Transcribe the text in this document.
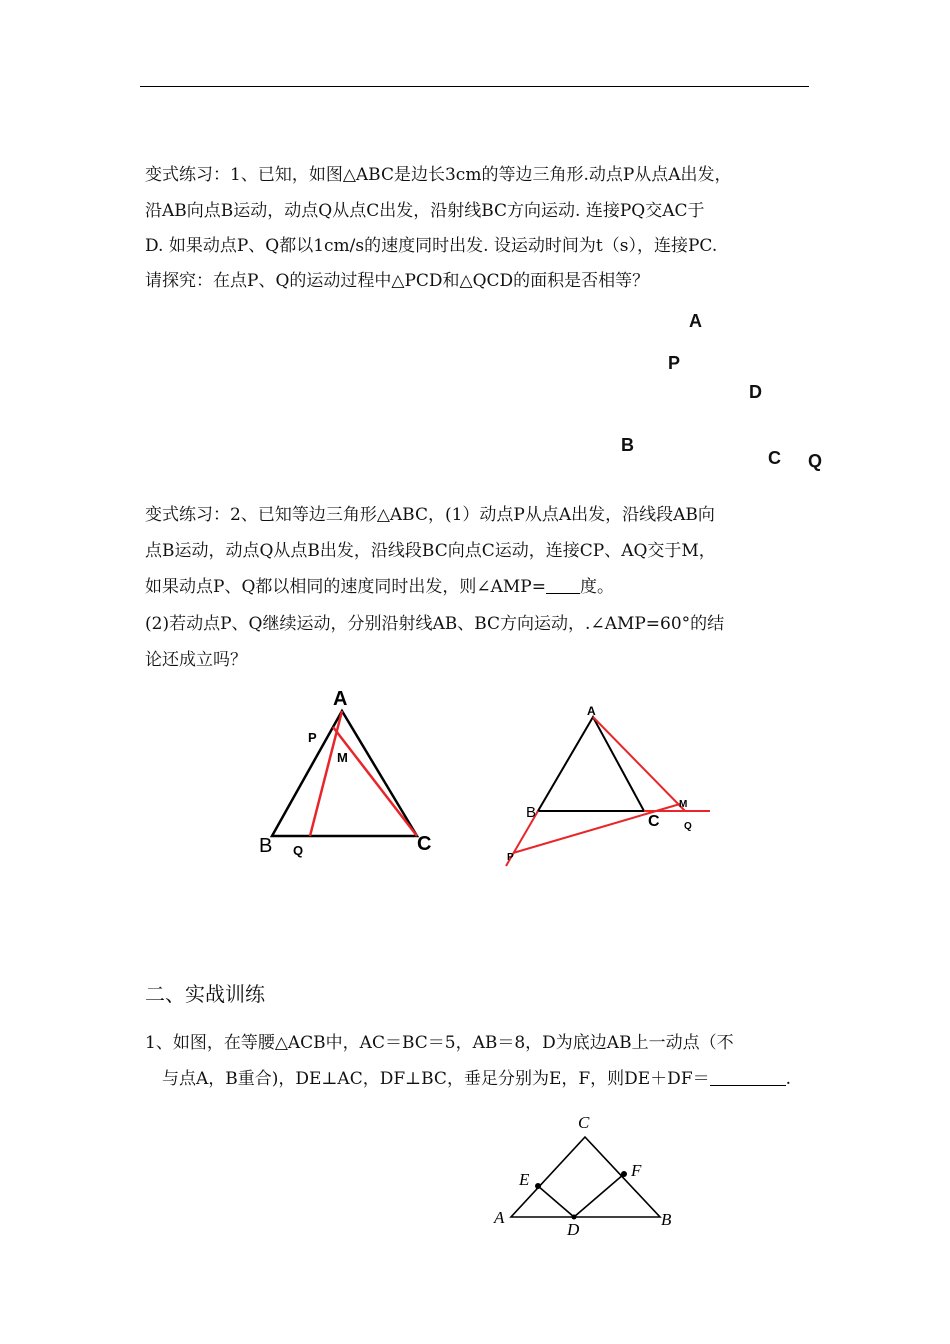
变式练习：1、已知，如图△ABC是边长3cm的等边三角形.动点P从点A出发，
沿AB向点B运动，动点Q从点C出发，沿射线BC方向运动. 连接PQ交AC于
D. 如果动点P、Q都以1cm/s的速度同时出发. 设运动时间为t（s），连接PC.
请探究：在点P、Q的运动过程中△PCD和△QCD的面积是否相等？
A
P
D
B
C Q
变式练习：2、已知等边三角形△ABC，(1）动点P从点A出发，沿线段AB向
点B运动，动点Q从点B出发，沿线段BC向点C运动，连接CP、AQ交于M，
如果动点P、Q都以相同的速度同时出发，则∠AMP= 度。
(2)若动点P、Q继续运动，分别沿射线AB、BC方向运动，.∠AMP=60°的结
论还成立吗？
A
P
M
B Q	C
A
B
C
M
Q
P
二、实战训练
1、如图，在等腰△ACB中，AC＝BC＝5，AB＝8，D为底边AB上一动点（不
与点A，B重合)，DE⊥AC，DF⊥BC，垂足分别为E，F，则DE＋DF＝	.
C
E	F
A
D
B
